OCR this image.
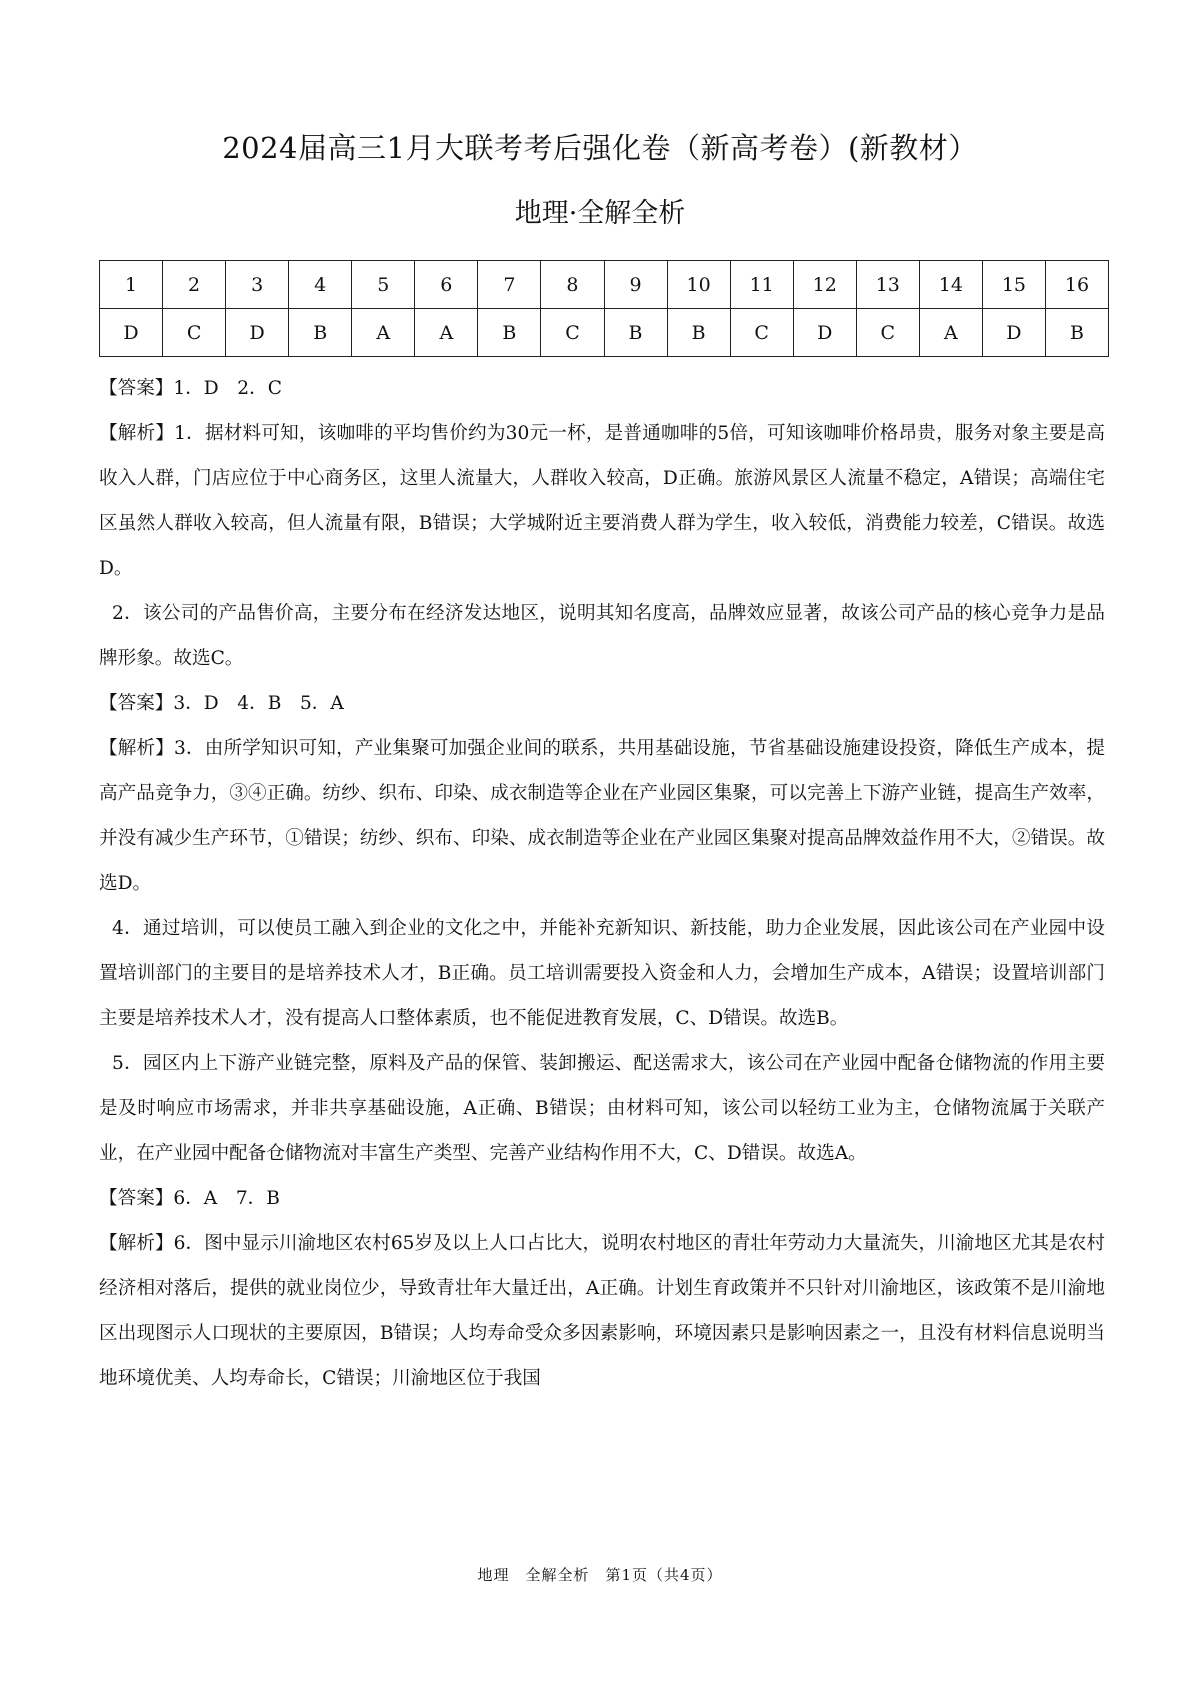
2024届高三1月大联考考后强化卷（新高考卷）(新教材）
地理·全解全析
1	2	3	4	5	6	7	8	9	10	11	12	13	14	15	16
D	C	D	B	A	A	B	C	B	B	C	D	C	A	D	B

【答案】1．D　2．C

【解析】1．据材料可知，该咖啡的平均售价约为30元一杯，是普通咖啡的5倍，可知该咖啡价格昂贵，服务对象主要是高收入人群，门店应位于中心商务区，这里人流量大，人群收入较高，D正确。旅游风景区人流量不稳定，A错误；高端住宅区虽然人群收入较高，但人流量有限，B错误；大学城附近主要消费人群为学生，收入较低，消费能力较差，C错误。故选D。

2．该公司的产品售价高，主要分布在经济发达地区，说明其知名度高，品牌效应显著，故该公司产品的核心竞争力是品牌形象。故选C。

【答案】3．D　4．B　5．A

【解析】3．由所学知识可知，产业集聚可加强企业间的联系，共用基础设施，节省基础设施建设投资，降低生产成本，提高产品竞争力，③④正确。纺纱、织布、印染、成衣制造等企业在产业园区集聚，可以完善上下游产业链，提高生产效率，并没有减少生产环节，①错误；纺纱、织布、印染、成衣制造等企业在产业园区集聚对提高品牌效益作用不大，②错误。故选D。

4．通过培训，可以使员工融入到企业的文化之中，并能补充新知识、新技能，助力企业发展，因此该公司在产业园中设置培训部门的主要目的是培养技术人才，B正确。员工培训需要投入资金和人力，会增加生产成本，A错误；设置培训部门主要是培养技术人才，没有提高人口整体素质，也不能促进教育发展，C、D错误。故选B。

5．园区内上下游产业链完整，原料及产品的保管、装卸搬运、配送需求大，该公司在产业园中配备仓储物流的作用主要是及时响应市场需求，并非共享基础设施，A正确、B错误；由材料可知，该公司以轻纺工业为主，仓储物流属于关联产业，在产业园中配备仓储物流对丰富生产类型、完善产业结构作用不大，C、D错误。故选A。

【答案】6．A　7．B

【解析】6．图中显示川渝地区农村65岁及以上人口占比大，说明农村地区的青壮年劳动力大量流失，川渝地区尤其是农村经济相对落后，提供的就业岗位少，导致青壮年大量迁出，A正确。计划生育政策并不只针对川渝地区，该政策不是川渝地区出现图示人口现状的主要原因，B错误；人均寿命受众多因素影响，环境因素只是影响因素之一，且没有材料信息说明当地环境优美、人均寿命长，C错误；川渝地区位于我国

地理　全解全析　第1页（共4页）
